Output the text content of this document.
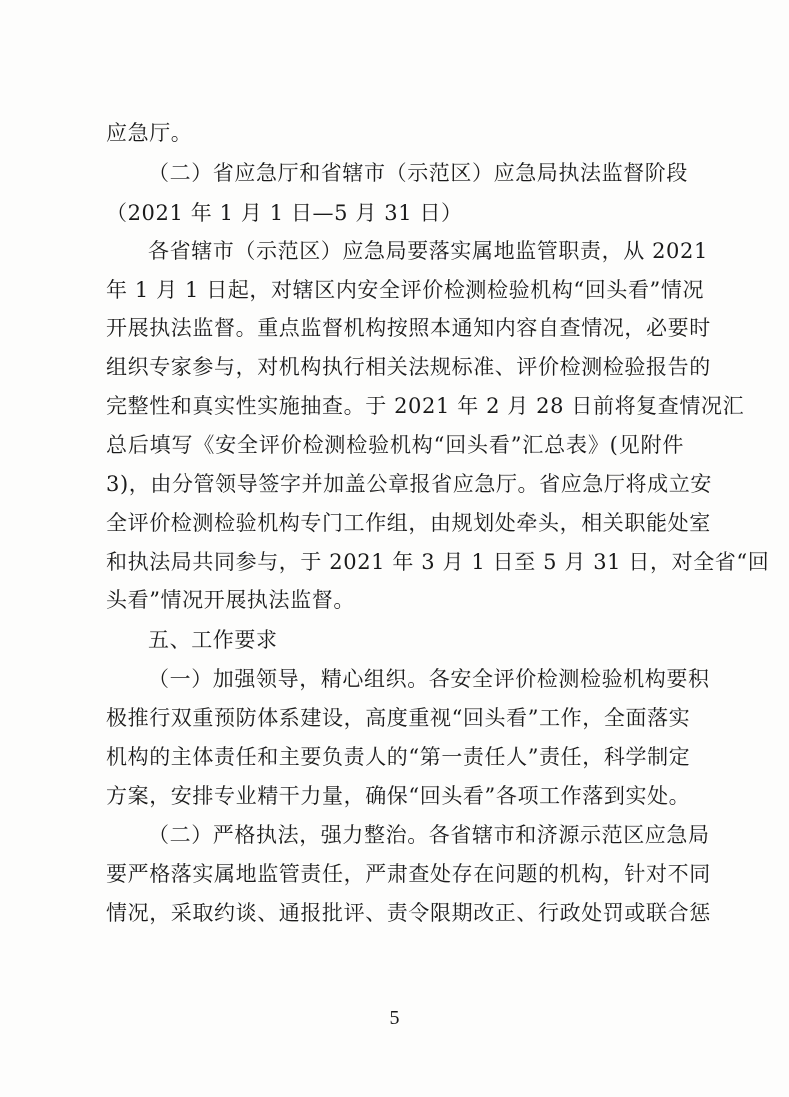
应急厅。
（二）省应急厅和省辖市（示范区）应急局执法监督阶段
（2021 年 1 月 1 日—5 月 31 日）
各省辖市（示范区）应急局要落实属地监管职责，从 2021
年 1 月 1 日起，对辖区内安全评价检测检验机构“回头看”情况
开展执法监督。重点监督机构按照本通知内容自查情况，必要时
组织专家参与，对机构执行相关法规标准、评价检测检验报告的
完整性和真实性实施抽查。于 2021 年 2 月 28 日前将复查情况汇
总后填写《安全评价检测检验机构“回头看”汇总表》(见附件
3)，由分管领导签字并加盖公章报省应急厅。省应急厅将成立安
全评价检测检验机构专门工作组，由规划处牵头，相关职能处室
和执法局共同参与，于 2021 年 3 月 1 日至 5 月 31 日，对全省“回
头看”情况开展执法监督。
五、工作要求
（一）加强领导，精心组织。各安全评价检测检验机构要积
极推行双重预防体系建设，高度重视“回头看”工作，全面落实
机构的主体责任和主要负责人的“第一责任人”责任，科学制定
方案，安排专业精干力量，确保“回头看”各项工作落到实处。
（二）严格执法，强力整治。各省辖市和济源示范区应急局
要严格落实属地监管责任，严肃查处存在问题的机构，针对不同
情况，采取约谈、通报批评、责令限期改正、行政处罚或联合惩
5
